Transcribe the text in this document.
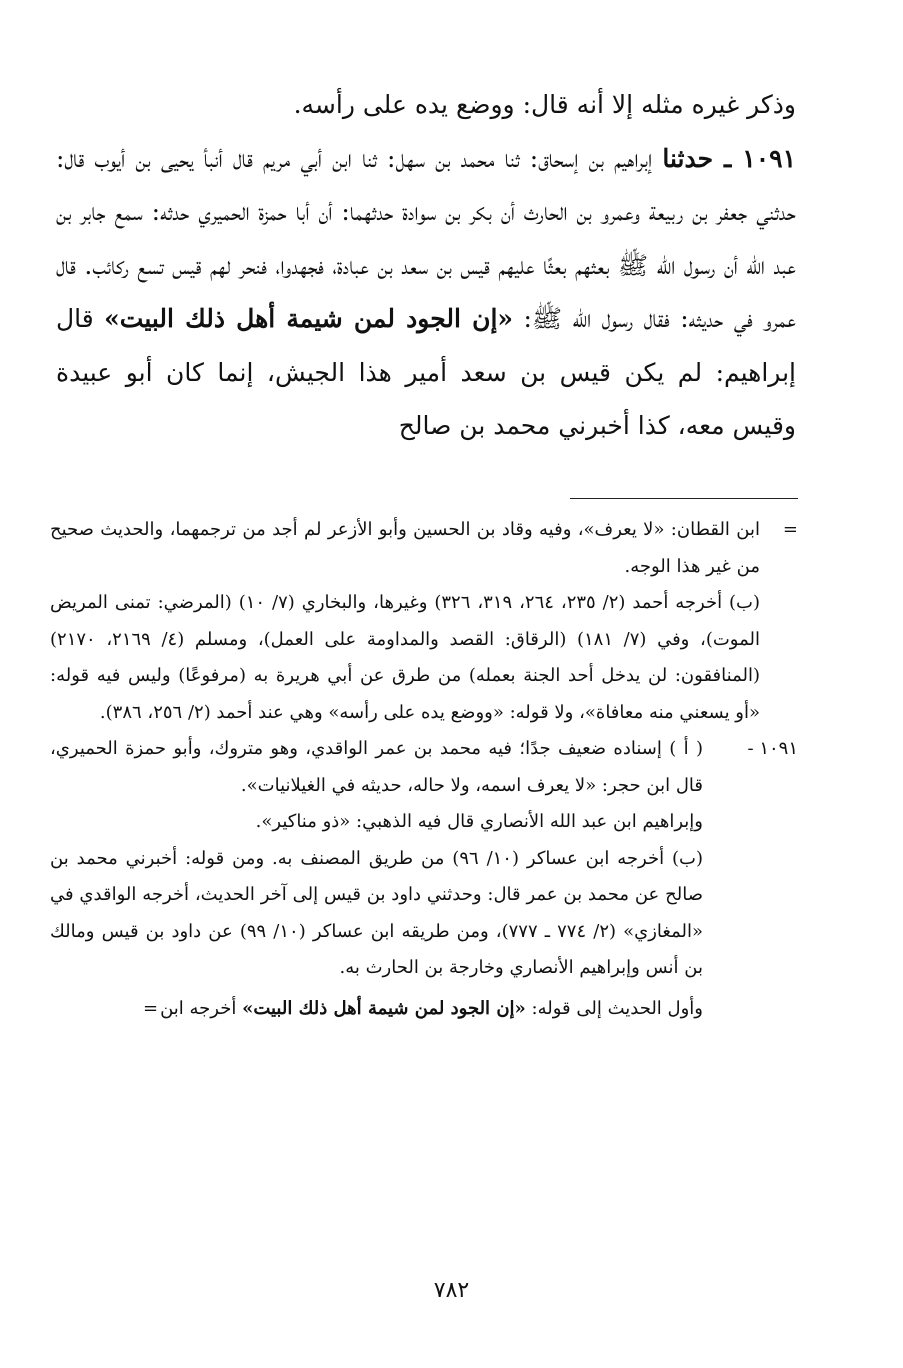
وذكر غيره مثله إلا أنه قال: ووضع يده على رأسه.

١٠٩١ ـ حدثنا إبراهيم بن إسحاق: ثنا محمد بن سهل: ثنا ابن أبي مريم قال أنبأ يحيى بن أيوب قال: حدثني جعفر بن ربيعة وعمرو بن الحارث أن بكر بن سوادة حدثهما: أن أبا حمزة الحميري حدثه: سمع جابر بن عبد الله أن رسول الله ﷺ بعثهم بعثًا عليهم قيس بن سعد بن عبادة، فجهدوا، فنحر لهم قيس تسع ركائب. قال عمرو في حديثه: فقال رسول الله ﷺ: «إن الجود لمن شيمة أهل ذلك البيت» قال إبراهيم: لم يكن قيس بن سعد أمير هذا الجيش، إنما كان أبو عبيدة وقيس معه، كذا أخبرني محمد بن صالح

=
ابن القطان: «لا يعرف»، وفيه وقاد بن الحسين وأبو الأزعر لم أجد من ترجمهما، والحديث صحيح من غير هذا الوجه.

(ب) أخرجه أحمد (٢/ ٢٣٥، ٢٦٤، ٣١٩، ٣٢٦) وغيرها، والبخاري (٧/ ١٠) (المرضي: تمنى المريض الموت)، وفي (٧/ ١٨١) (الرقاق: القصد والمداومة على العمل)، ومسلم (٤/ ٢١٦٩، ٢١٧٠) (المنافقون: لن يدخل أحد الجنة بعمله) من طرق عن أبي هريرة به (مرفوعًا) وليس فيه قوله: «أو يسعني منه معافاة»، ولا قوله: «ووضع يده على رأسه» وهي عند أحمد (٢/ ٢٥٦، ٣٨٦).

١٠٩١ -
( أ ) إسناده ضعيف جدًا؛ فيه محمد بن عمر الواقدي، وهو متروك، وأبو حمزة الحميري، قال ابن حجر: «لا يعرف اسمه، ولا حاله، حديثه في الغيلانيات».

وإبراهيم ابن عبد الله الأنصاري قال فيه الذهبي: «ذو مناكير».

(ب) أخرجه ابن عساكر (١٠/ ٩٦) من طريق المصنف به. ومن قوله: أخبرني محمد بن صالح عن محمد بن عمر قال: وحدثني داود بن قيس إلى آخر الحديث، أخرجه الواقدي في «المغازي» (٢/ ٧٧٤ ـ ٧٧٧)، ومن طريقه ابن عساكر (١٠/ ٩٩) عن داود بن قيس ومالك بن أنس وإبراهيم الأنصاري وخارجة بن الحارث به.

وأول الحديث إلى قوله: «إن الجود لمن شيمة أهل ذلك البيت» أخرجه ابن=

٧٨٢
